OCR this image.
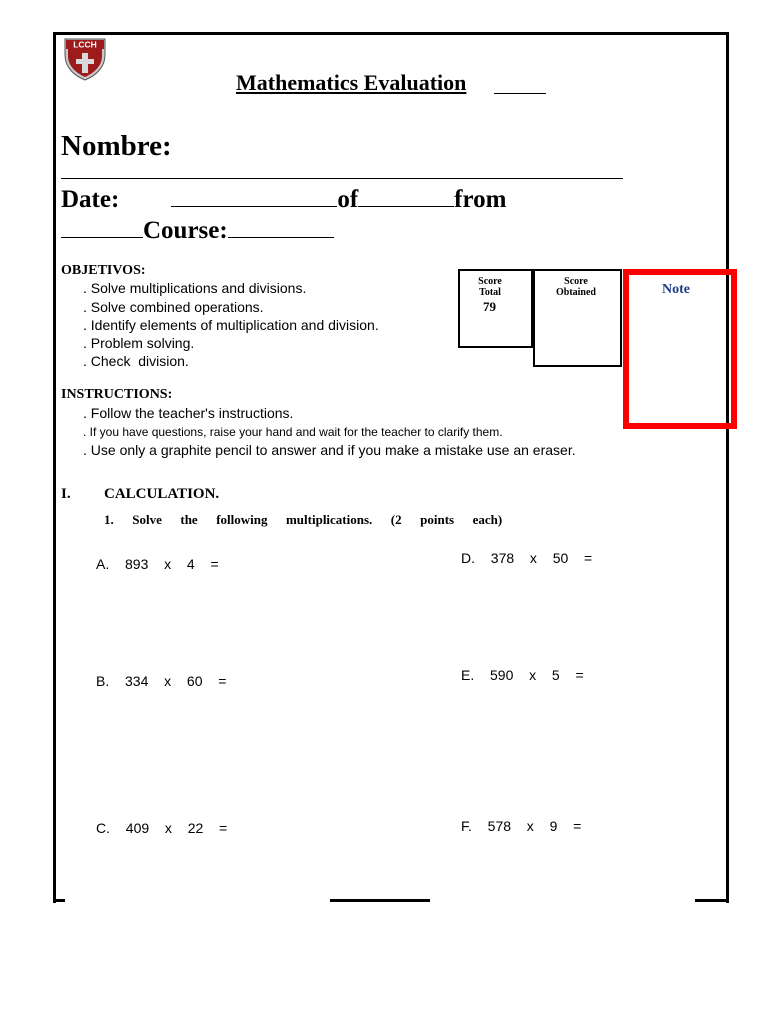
LCCH
Mathematics Evaluation
Nombre:
Date:	of	from
Course:
OBJETIVOS:
. Solve multiplications and divisions.
. Solve combined operations.
. Identify elements of multiplication and division.
. Problem solving.
. Check  division.
Score
Total
79
Score
Obtained	Note
INSTRUCTIONS:
. Follow the teacher's instructions.
. If you have questions, raise your hand and wait for the teacher to clarify them.
. Use only a graphite pencil to answer and if you make a mistake use an eraser.
I. CALCULATION.
1.  Solve  the  following  multiplications.  (2  points  each)
A.  893  x  4  =	D.  378  x  50  =
B.  334  x  60  =	E.  590  x  5  =
C.  409  x  22  =	F.  578  x  9  =
